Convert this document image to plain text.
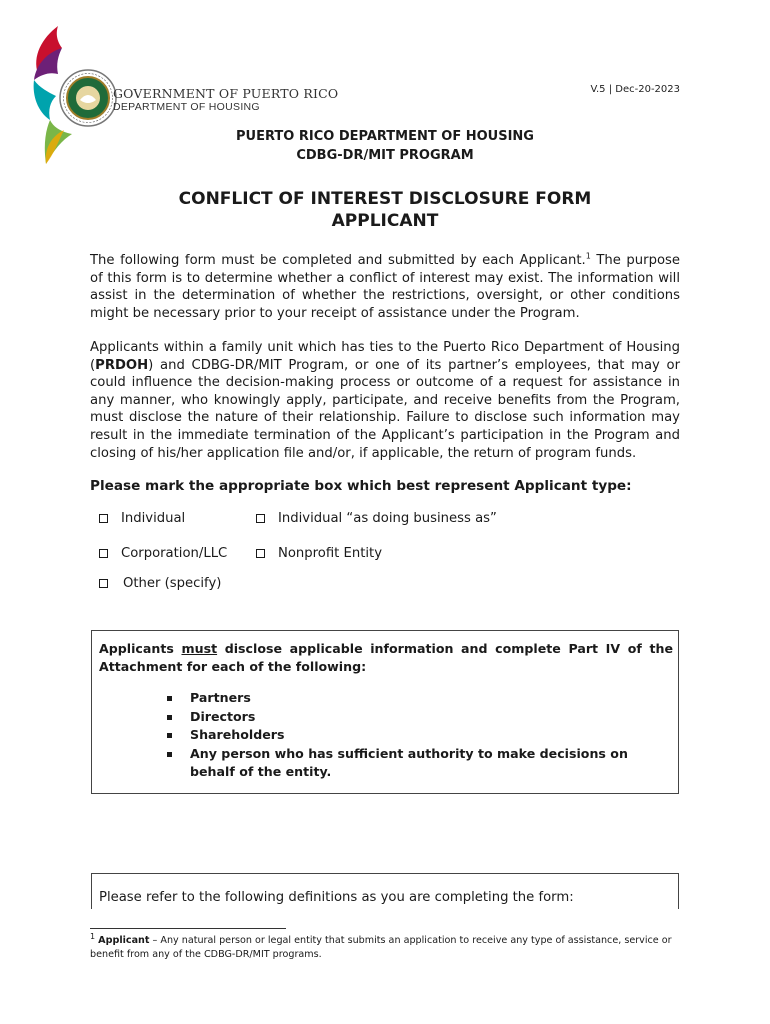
GOVERNMENT OF PUERTO RICO
DEPARTMENT OF HOUSING
V.5 | Dec-20-2023
PUERTO RICO DEPARTMENT OF HOUSING
CDBG-DR/MIT PROGRAM
CONFLICT OF INTEREST DISCLOSURE FORM
APPLICANT
The following form must be completed and submitted by each Applicant.$^1$ The purpose of this form is to determine whether a conflict of interest may exist. The information will assist in the determination of whether the restrictions, oversight, or other conditions might be necessary prior to your receipt of assistance under the Program.
Applicants within a family unit which has ties to the Puerto Rico Department of Housing (PRDOH) and CDBG-DR/MIT Program, or one of its partner’s employees, that may or could influence the decision-making process or outcome of a request for assistance in any manner, who knowingly apply, participate, and receive benefits from the Program, must disclose the nature of their relationship. Failure to disclose such information may result in the immediate termination of the Applicant’s participation in the Program and closing of his/her application file and/or, if applicable, the return of program funds.
Please mark the appropriate box which best represent Applicant type:
Individual	Individual “as doing business as”
Corporation/LLC	Nonprofit Entity
Other (specify)
Applicants must disclose applicable information and complete Part IV of the Attachment for each of the following:
Partners
Directors
Shareholders
Any person who has sufficient authority to make decisions on behalf of the entity.
Please refer to the following definitions as you are completing the form:
$^1$ Applicant – Any natural person or legal entity that submits an application to receive any type of assistance, service or benefit from any of the CDBG-DR/MIT programs.
